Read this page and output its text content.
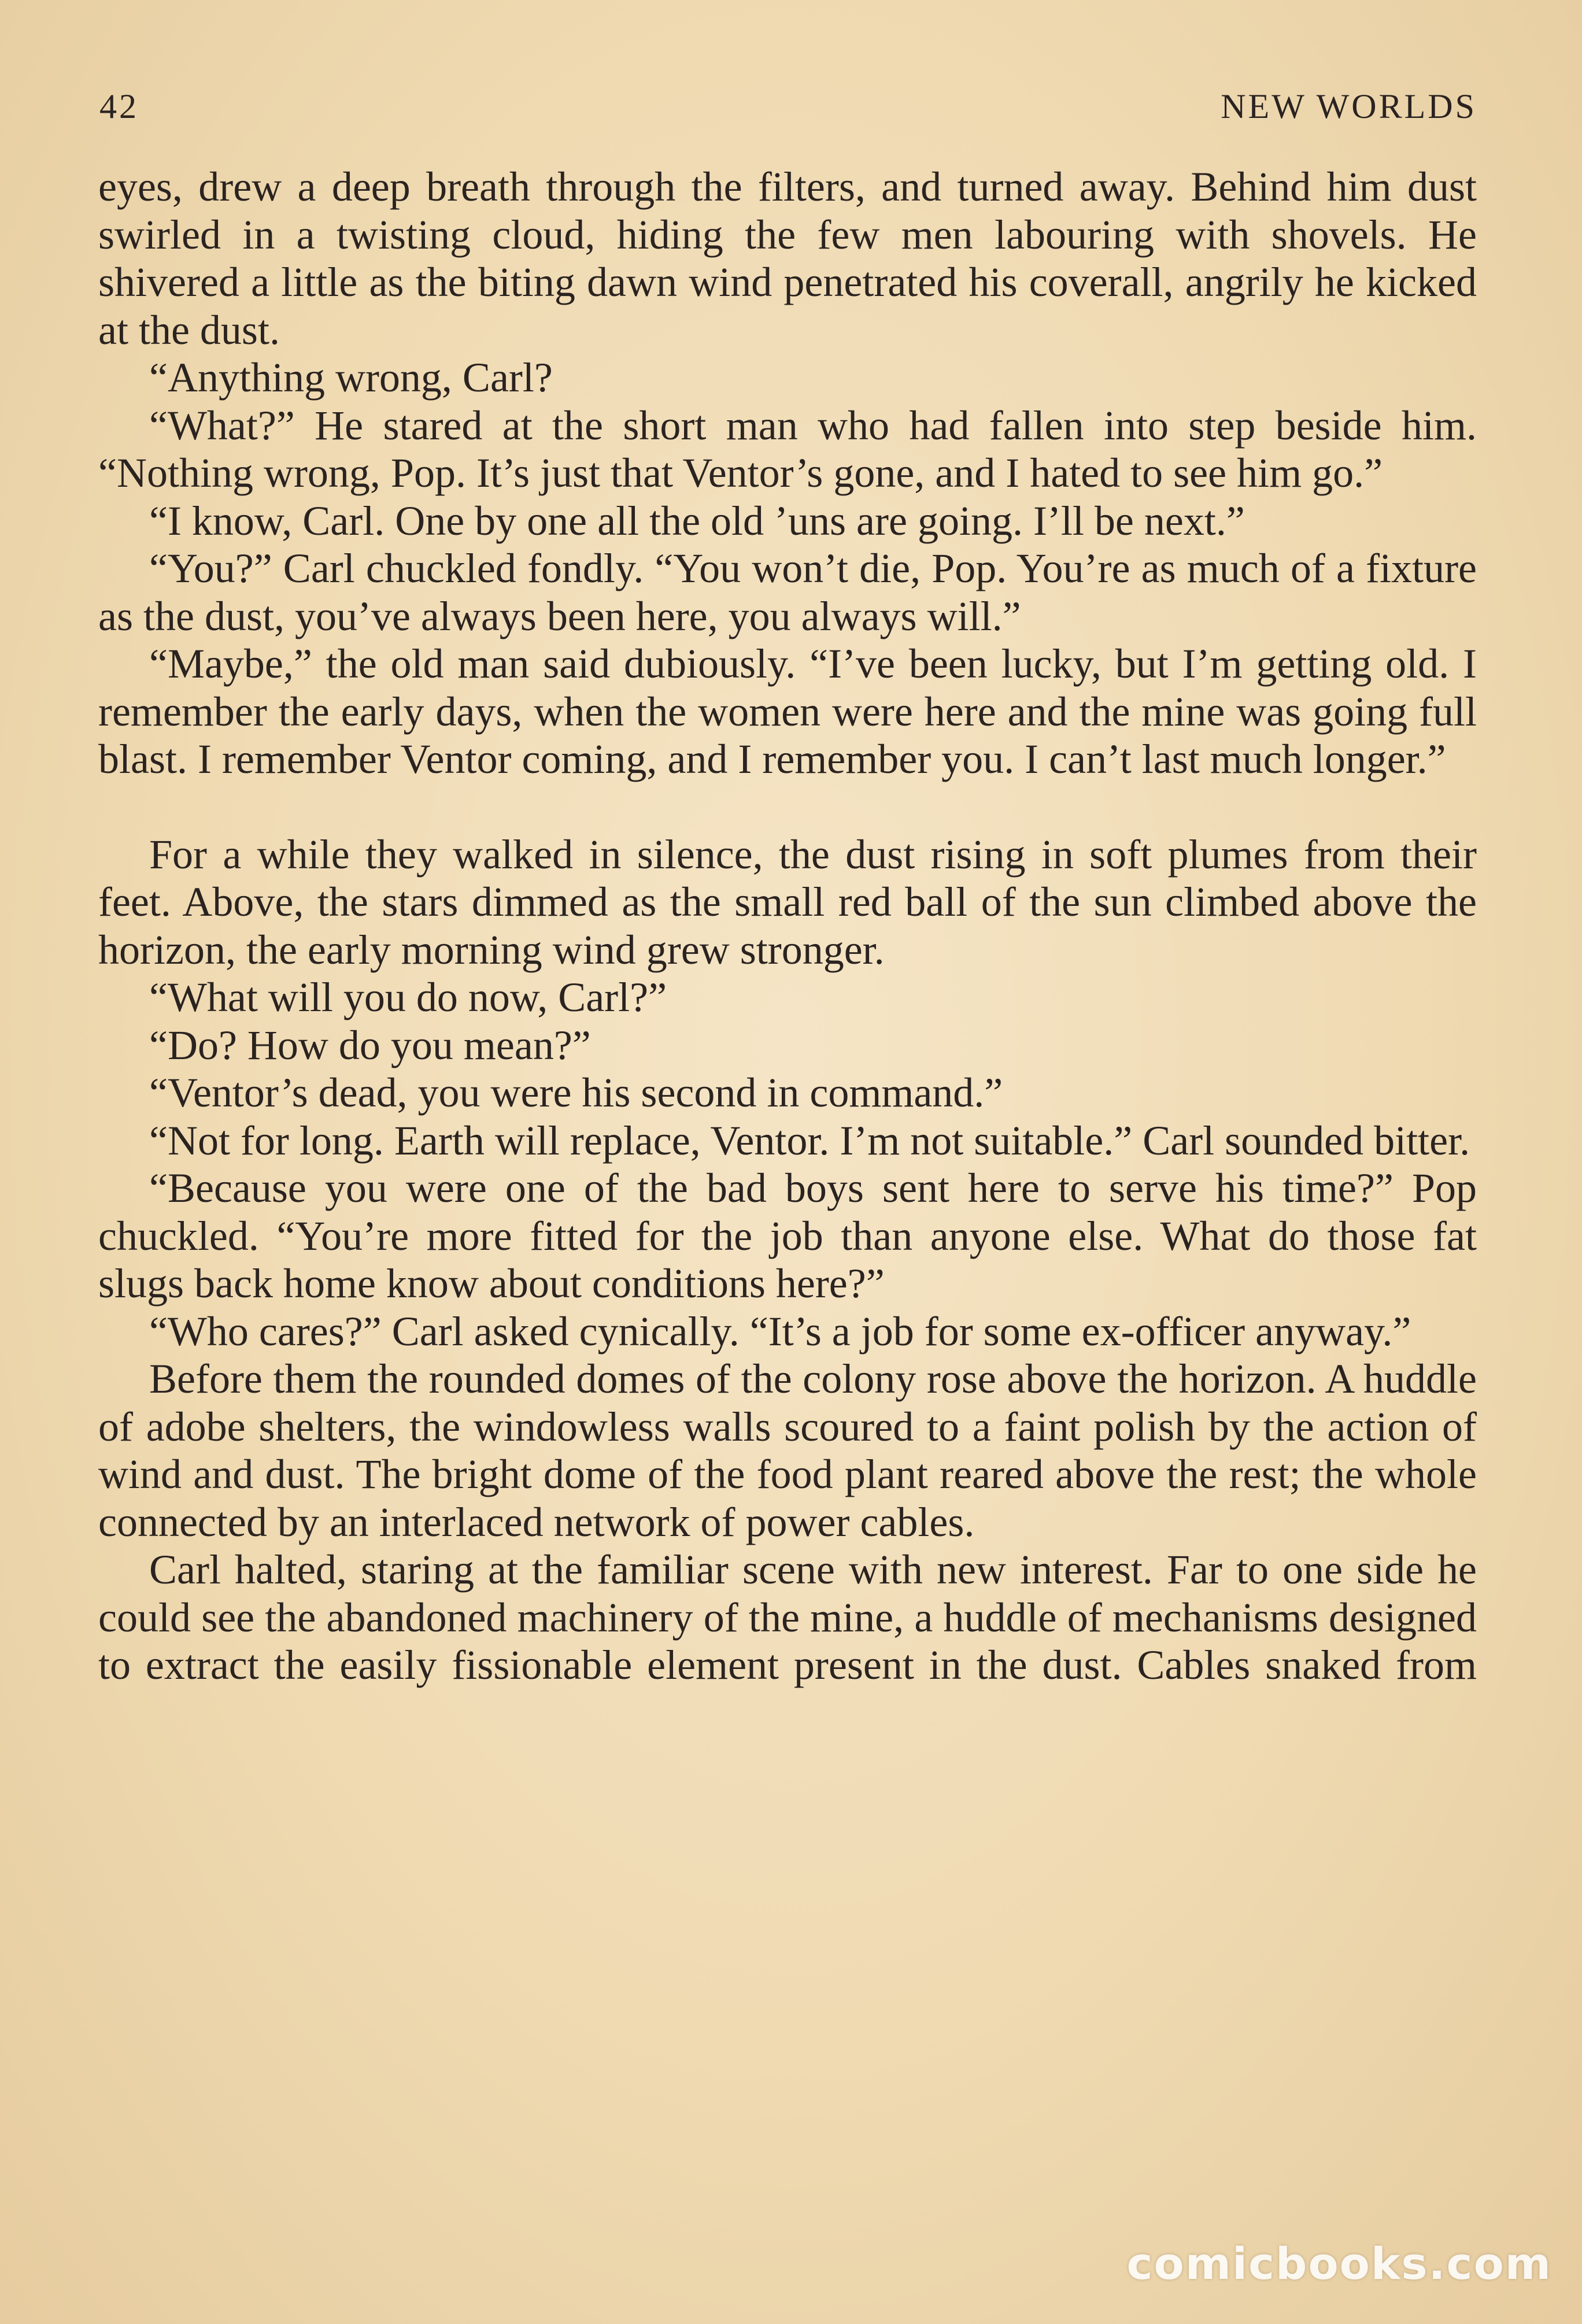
42	NEW WORLDS

eyes, drew a deep breath through the filters, and turned away. Behind him dust swirled in a twisting cloud, hiding the few men labouring with shovels. He shivered a little as the biting dawn wind penetrated his coverall, angrily he kicked at the dust.

“Anything wrong, Carl?

“What?” He stared at the short man who had fallen into step beside him. “Nothing wrong, Pop. It’s just that Ventor’s gone, and I hated to see him go.”

“I know, Carl. One by one all the old ’uns are going. I’ll be next.”

“You?” Carl chuckled fondly. “You won’t die, Pop. You’re as much of a fixture as the dust, you’ve always been here, you always will.”

“Maybe,” the old man said dubiously. “I’ve been lucky, but I’m getting old. I remember the early days, when the women were here and the mine was going full blast. I remember Ventor coming, and I remember you. I can’t last much longer.”

For a while they walked in silence, the dust rising in soft plumes from their feet. Above, the stars dimmed as the small red ball of the sun climbed above the horizon, the early morning wind grew stronger.

“What will you do now, Carl?”

“Do? How do you mean?”

“Ventor’s dead, you were his second in command.”

“Not for long. Earth will replace, Ventor. I’m not suitable.” Carl sounded bitter.

“Because you were one of the bad boys sent here to serve his time?” Pop chuckled. “You’re more fitted for the job than anyone else. What do those fat slugs back home know about conditions here?”

“Who cares?” Carl asked cynically. “It’s a job for some ex-officer anyway.”

Before them the rounded domes of the colony rose above the horizon. A huddle of adobe shelters, the windowless walls scoured to a faint polish by the action of wind and dust. The bright dome of the food plant reared above the rest; the whole connected by an interlaced network of power cables.

Carl halted, staring at the familiar scene with new interest. Far to one side he could see the abandoned machinery of the mine, a huddle of mechanisms designed to extract the easily fissionable element present in the dust. Cables snaked from

comicbooks.com
